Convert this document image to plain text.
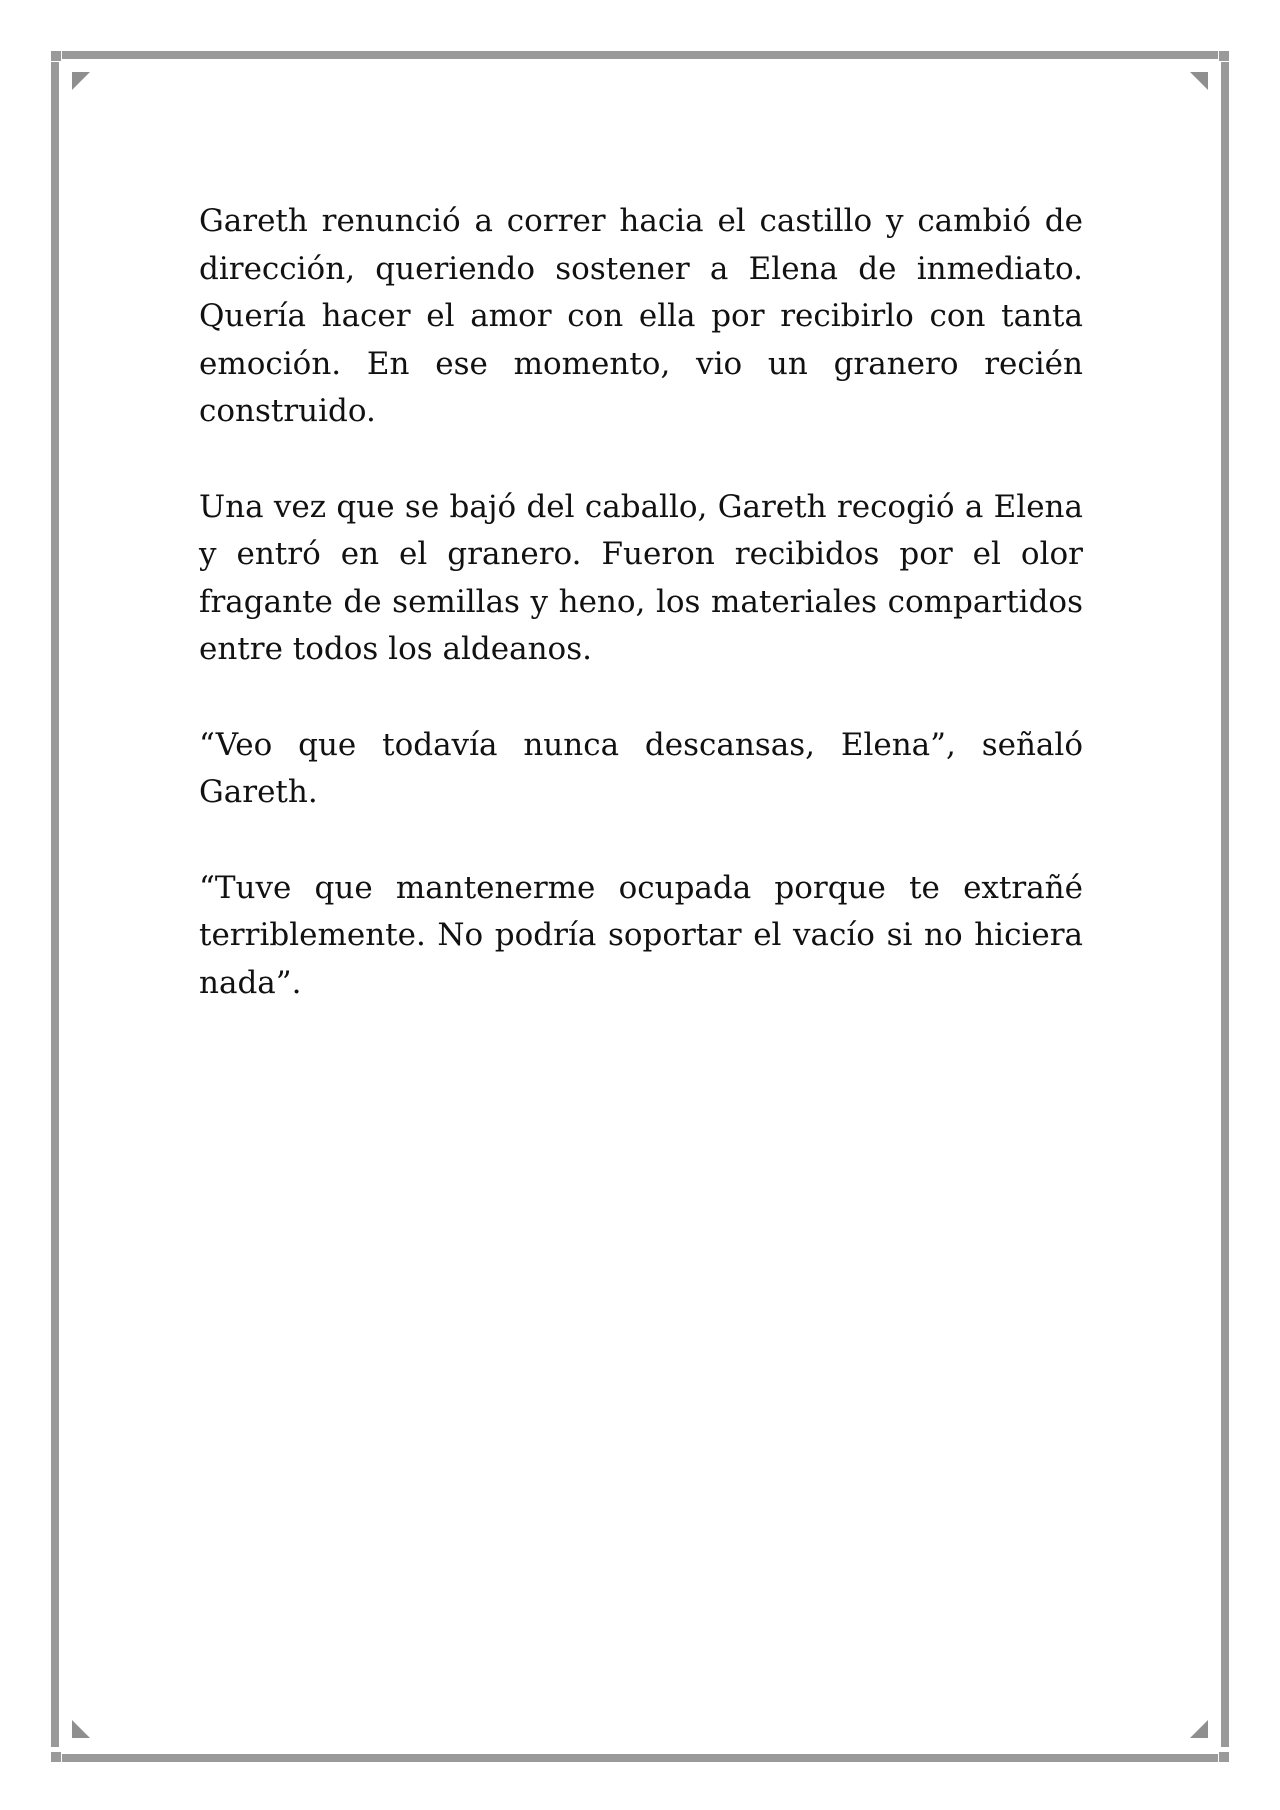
Gareth renunció a correr hacia el castillo y cambió de dirección, queriendo sostener a Elena de inmediato. Quería hacer el amor con ella por recibirlo con tanta emoción. En ese momento, vio un granero recién construido.

Una vez que se bajó del caballo, Gareth recogió a Elena y entró en el granero. Fueron recibidos por el olor fragante de semillas y heno, los materiales compartidos entre todos los aldeanos.

“Veo que todavía nunca descansas, Elena”, señaló Gareth.

“Tuve que mantenerme ocupada porque te extrañé terriblemente. No podría soportar el vacío si no hiciera nada”.
